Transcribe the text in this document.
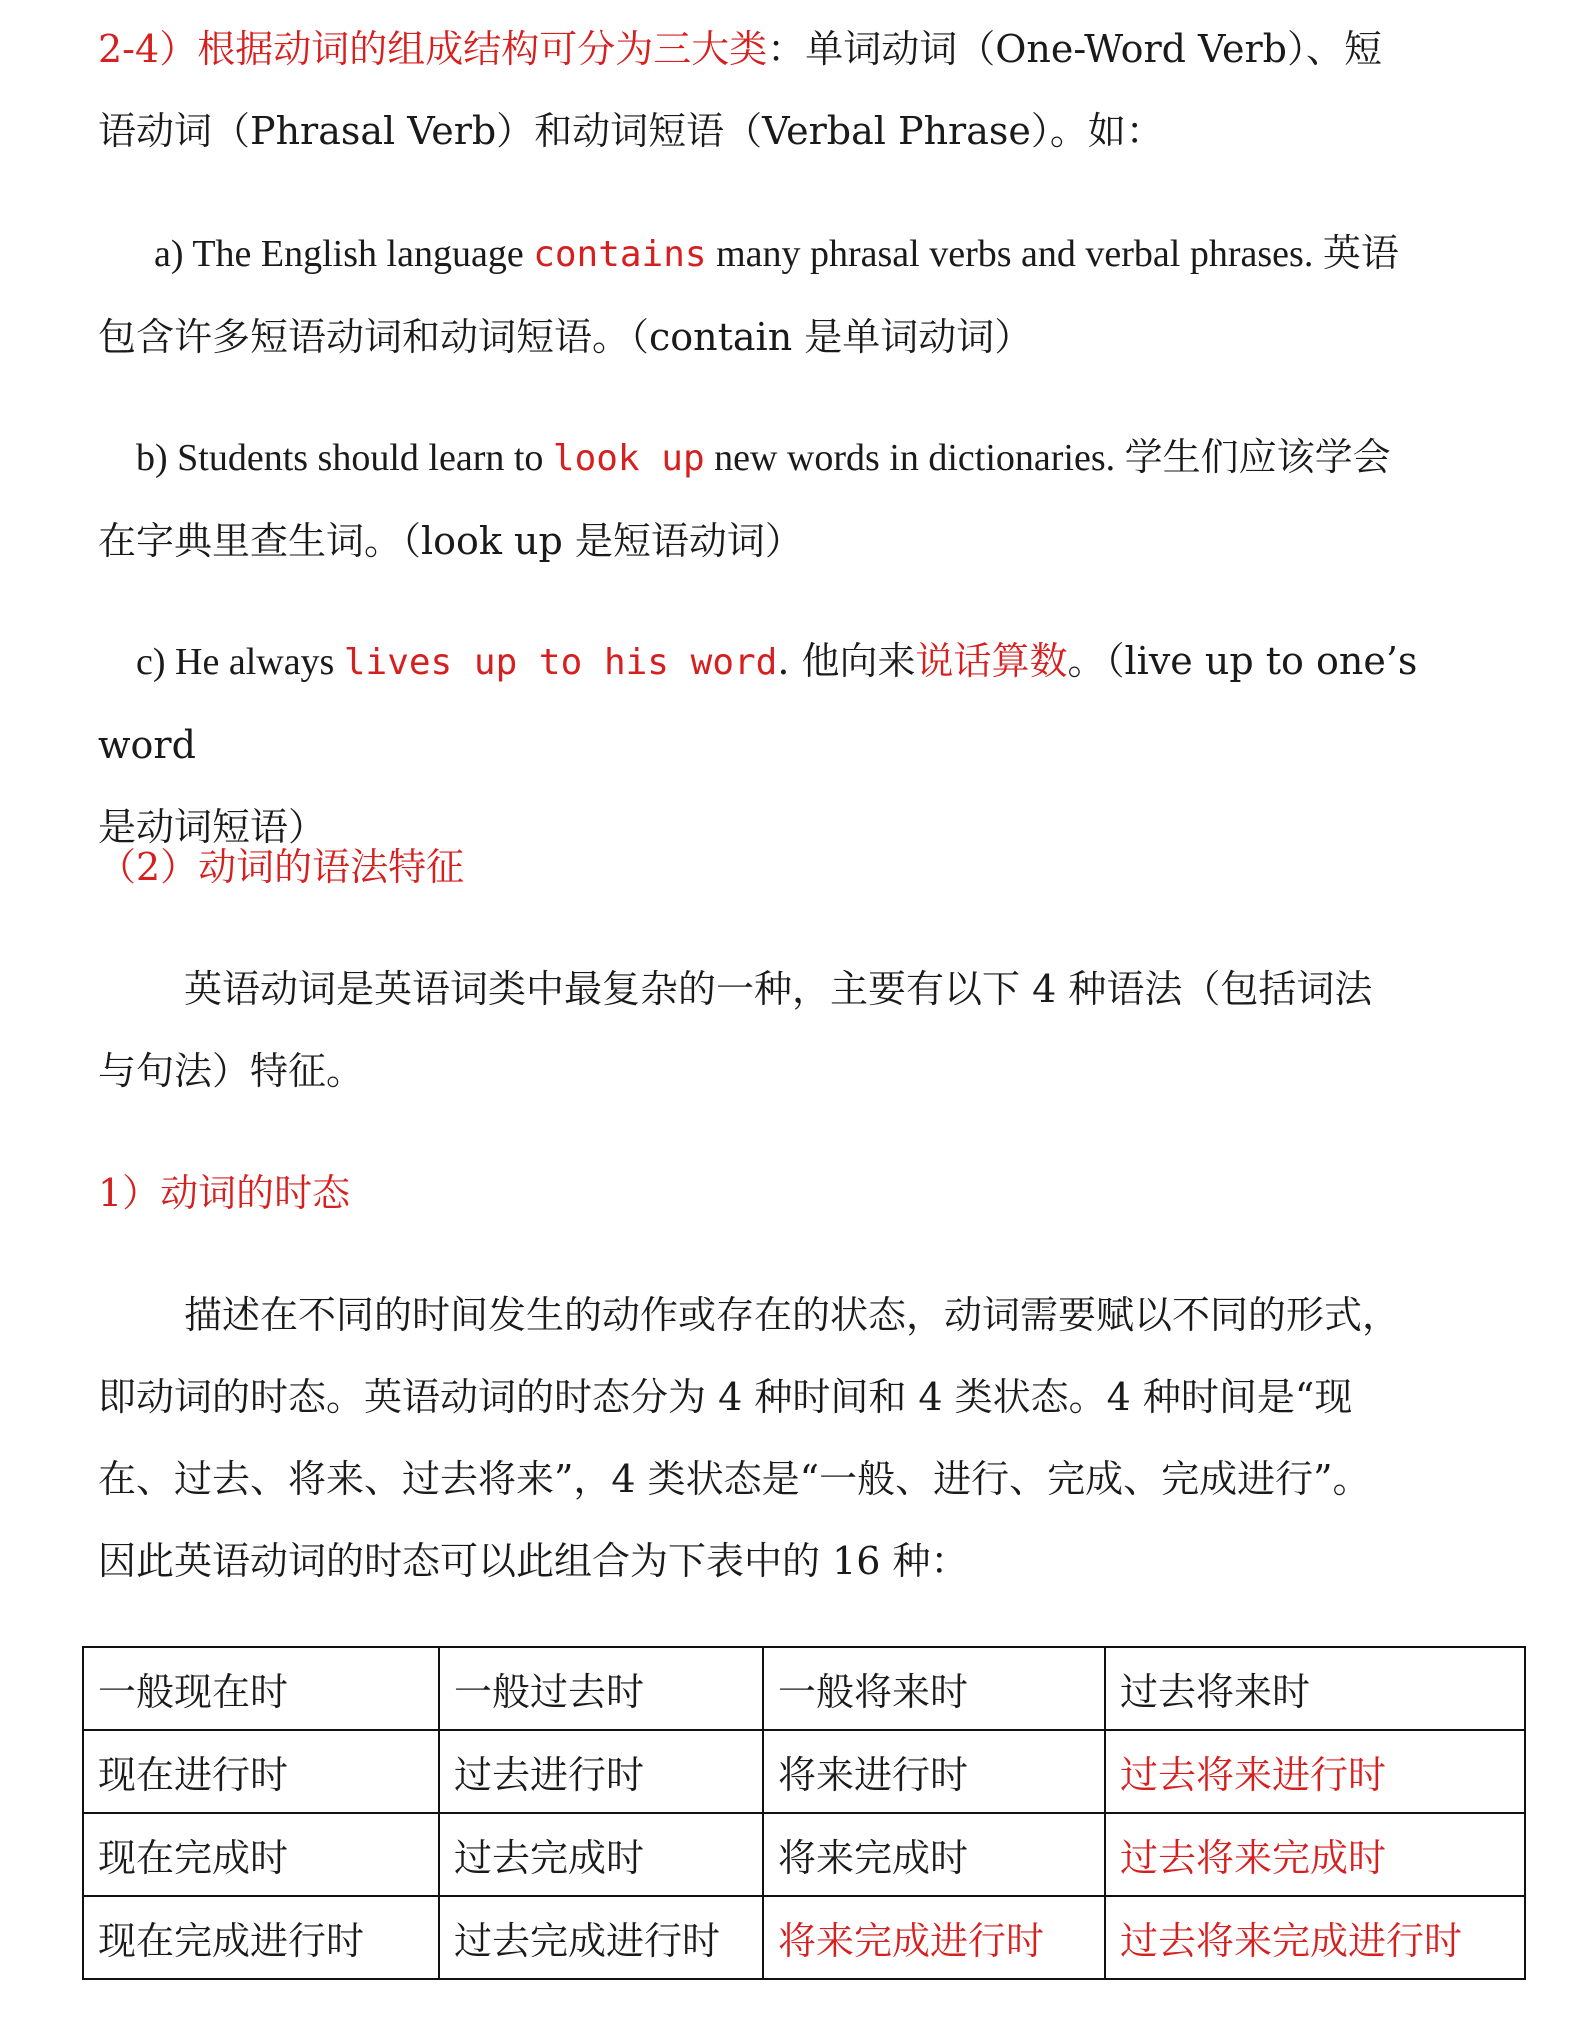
2-4）根据动词的组成结构可分为三大类：单词动词（One-Word Verb）、短
语动词（Phrasal Verb）和动词短语（Verbal Phrase）。如：

a) The English language contains many phrasal verbs and verbal phrases. 英语
包含许多短语动词和动词短语。（contain 是单词动词）

b) Students should learn to look up new words in dictionaries. 学生们应该学会
在字典里查生词。（look up 是短语动词）

c) He always lives up to his word. 他向来说话算数。（live up to one’s word
是动词短语）

（2）动词的语法特征

英语动词是英语词类中最复杂的一种，主要有以下 4 种语法（包括词法
与句法）特征。

1）动词的时态

描述在不同的时间发生的动作或存在的状态，动词需要赋以不同的形式，
即动词的时态。英语动词的时态分为 4 种时间和 4 类状态。4 种时间是“现
在、过去、将来、过去将来”，4 类状态是“一般、进行、完成、完成进行”。
因此英语动词的时态可以此组合为下表中的 16 种：

一般现在时	一般过去时	一般将来时	过去将来时
现在进行时	过去进行时	将来进行时	过去将来进行时
现在完成时	过去完成时	将来完成时	过去将来完成时
现在完成进行时	过去完成进行时	将来完成进行时	过去将来完成进行时
